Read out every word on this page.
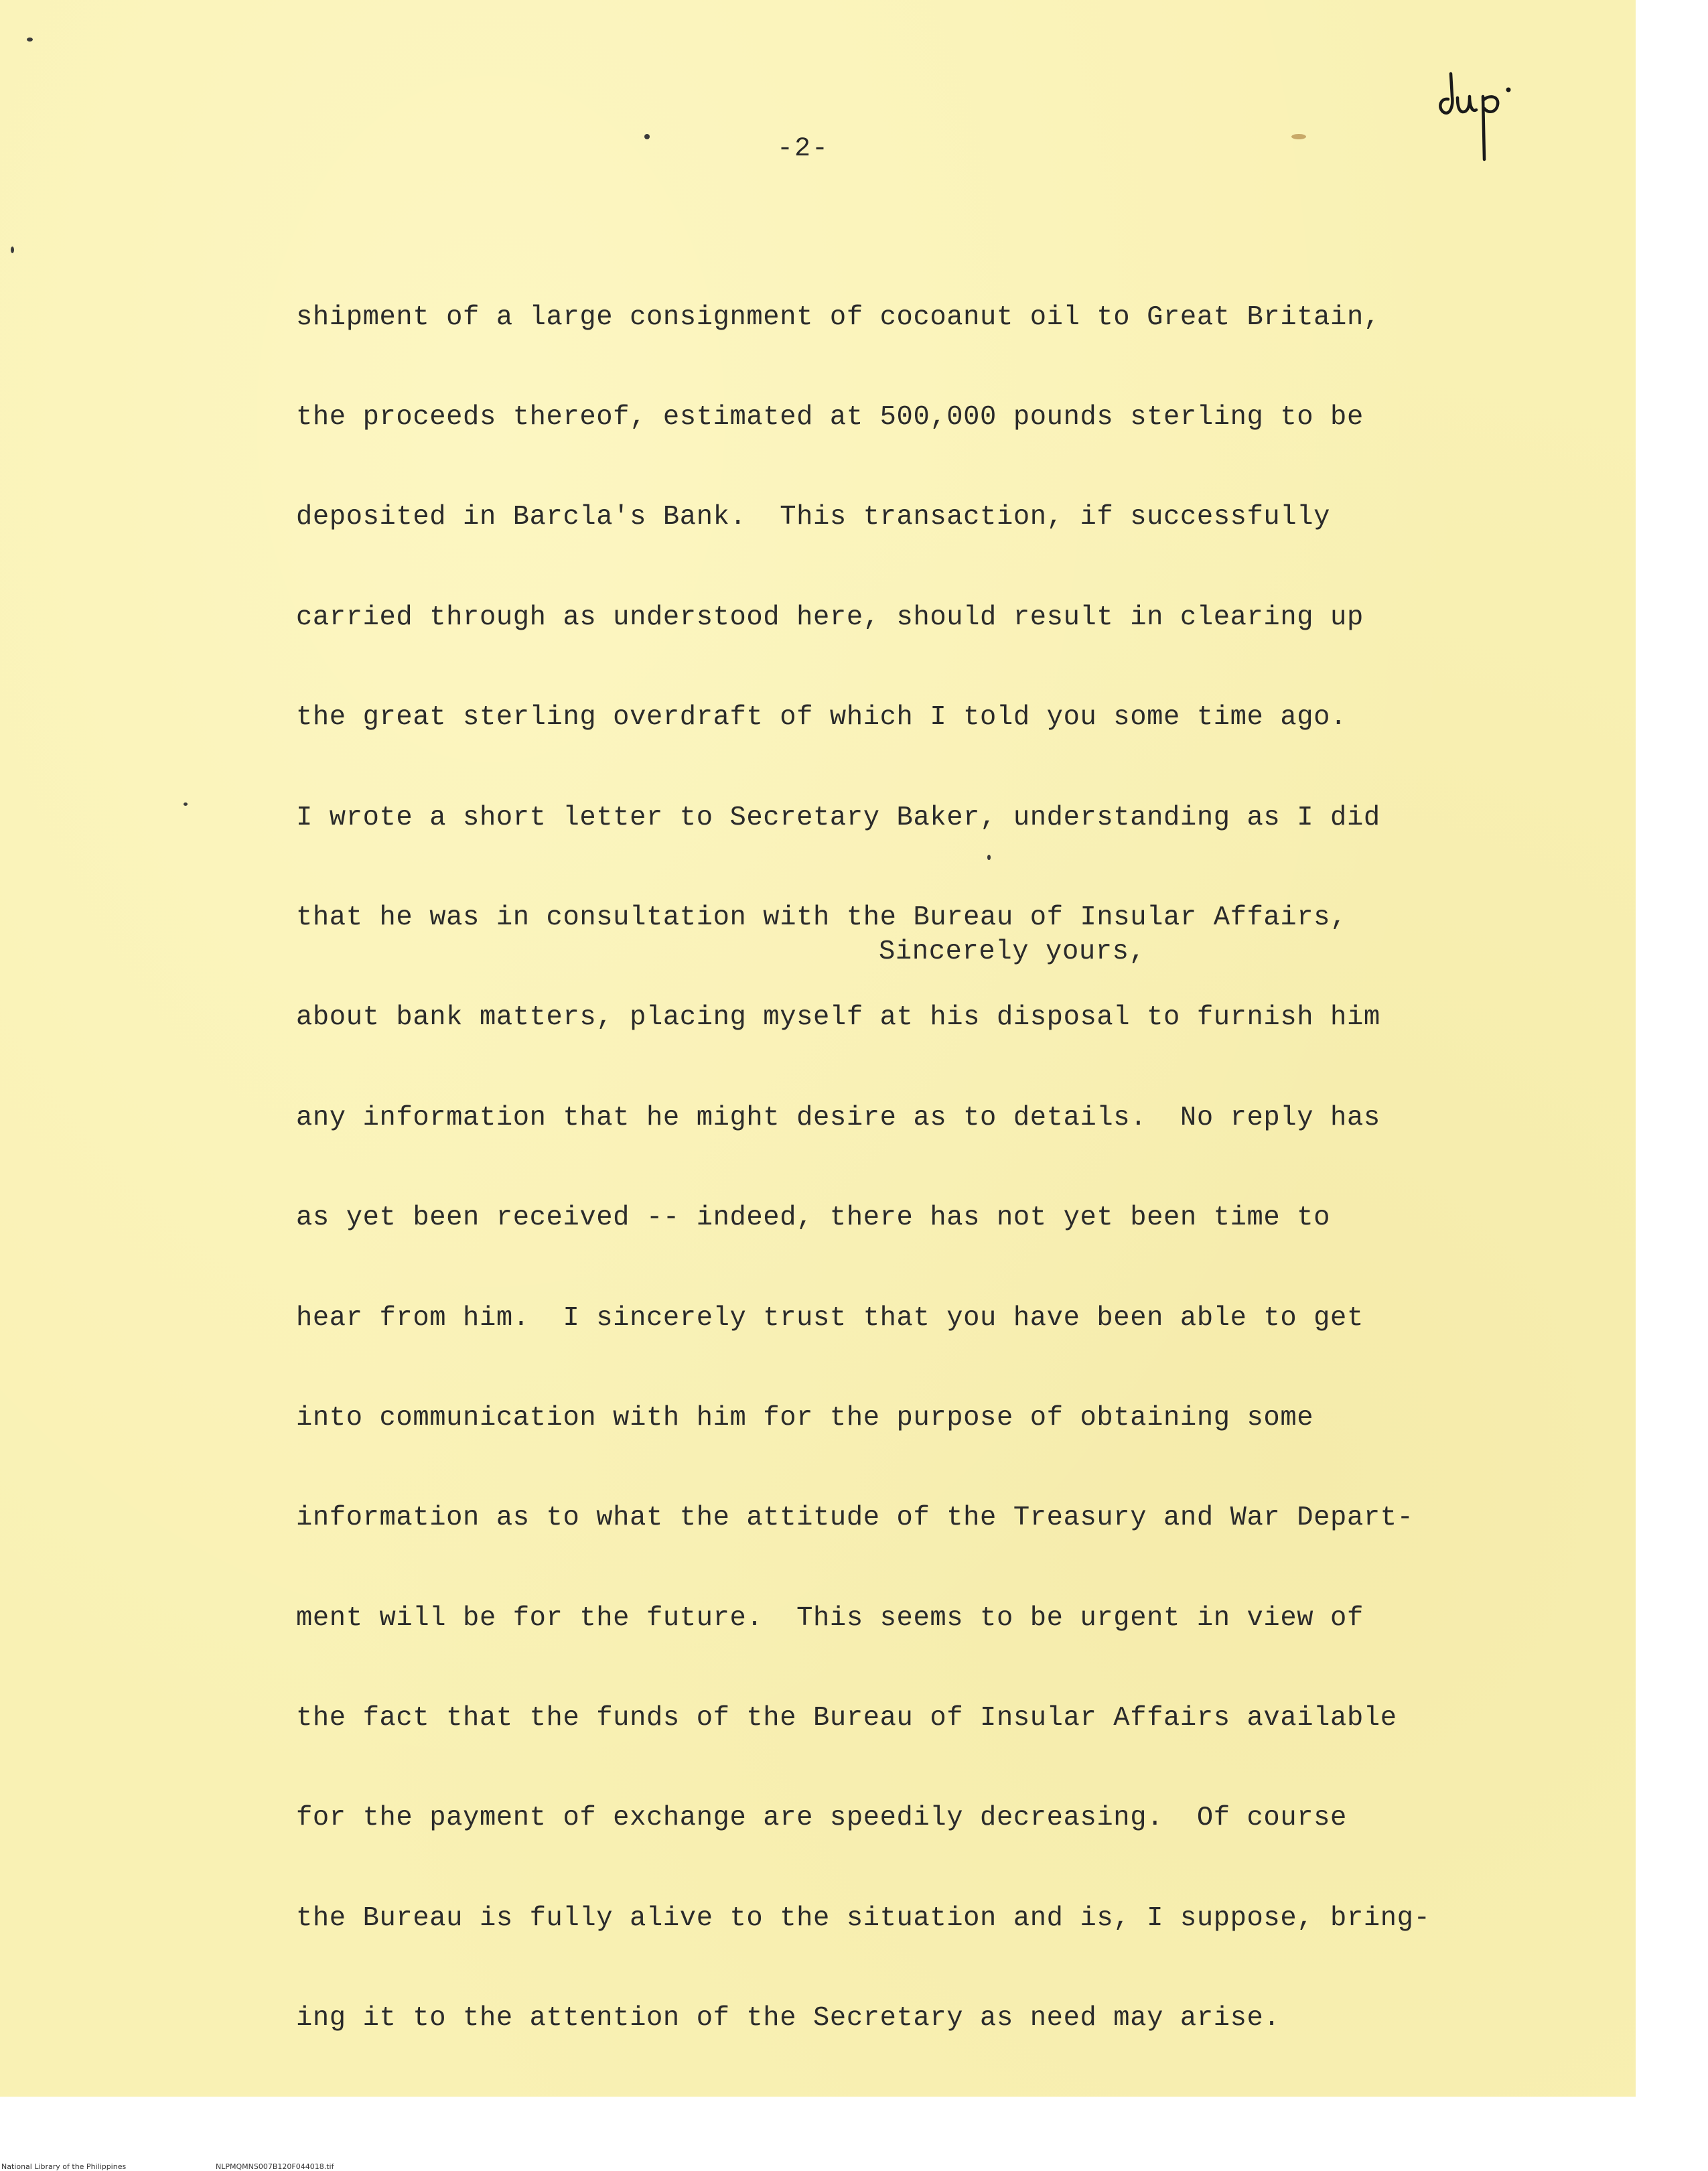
-2-

shipment of a large consignment of cocoanut oil to Great Britain,

the proceeds thereof, estimated at 500,000 pounds sterling to be

deposited in Barcla's Bank.  This transaction, if successfully

carried through as understood here, should result in clearing up

the great sterling overdraft of which I told you some time ago.

I wrote a short letter to Secretary Baker, understanding as I did

that he was in consultation with the Bureau of Insular Affairs,

about bank matters, placing myself at his disposal to furnish him

any information that he might desire as to details.  No reply has

as yet been received -- indeed, there has not yet been time to

hear from him.  I sincerely trust that you have been able to get

into communication with him for the purpose of obtaining some

information as to what the attitude of the Treasury and War Depart-

ment will be for the future.  This seems to be urgent in view of

the fact that the funds of the Bureau of Insular Affairs available

for the payment of exchange are speedily decreasing.  Of course

the Bureau is fully alive to the situation and is, I suppose, bring-

ing it to the attention of the Secretary as need may arise.

Sincerely yours,
National Library of the Philippines	NLPMQMNS007B120F044018.tif
